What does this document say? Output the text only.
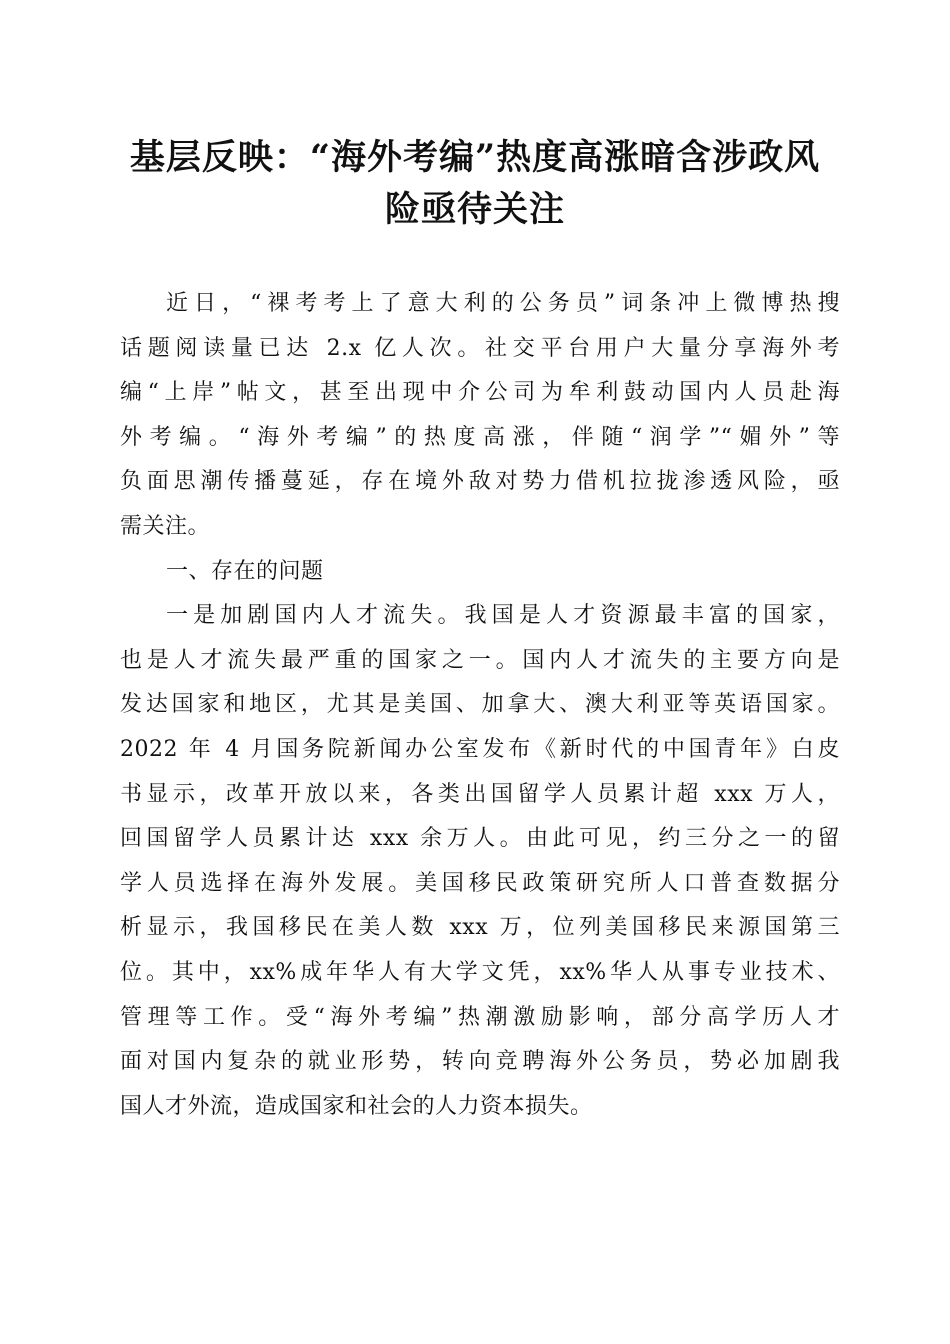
基层反映：“海外考编”热度高涨暗含涉政风
险亟待关注
近日，“裸考考上了意大利的公务员”词条冲上微博热搜
话题阅读量已达 2.x 亿人次。社交平台用户大量分享海外考
编“上岸”帖文，甚至出现中介公司为牟利鼓动国内人员赴海
外考编。“海外考编”的热度高涨，伴随“润学”“媚外”等
负面思潮传播蔓延，存在境外敌对势力借机拉拢渗透风险，亟
需关注。
一、存在的问题
一是加剧国内人才流失。我国是人才资源最丰富的国家，
也是人才流失最严重的国家之一。国内人才流失的主要方向是
发达国家和地区，尤其是美国、加拿大、澳大利亚等英语国家。
2022 年 4 月国务院新闻办公室发布《新时代的中国青年》白皮
书显示，改革开放以来，各类出国留学人员累计超 xxx 万人，
回国留学人员累计达 xxx 余万人。由此可见，约三分之一的留
学人员选择在海外发展。美国移民政策研究所人口普查数据分
析显示，我国移民在美人数 xxx 万，位列美国移民来源国第三
位。其中，xx%成年华人有大学文凭，xx%华人从事专业技术、
管理等工作。受“海外考编”热潮激励影响，部分高学历人才
面对国内复杂的就业形势，转向竞聘海外公务员，势必加剧我
国人才外流，造成国家和社会的人力资本损失。
